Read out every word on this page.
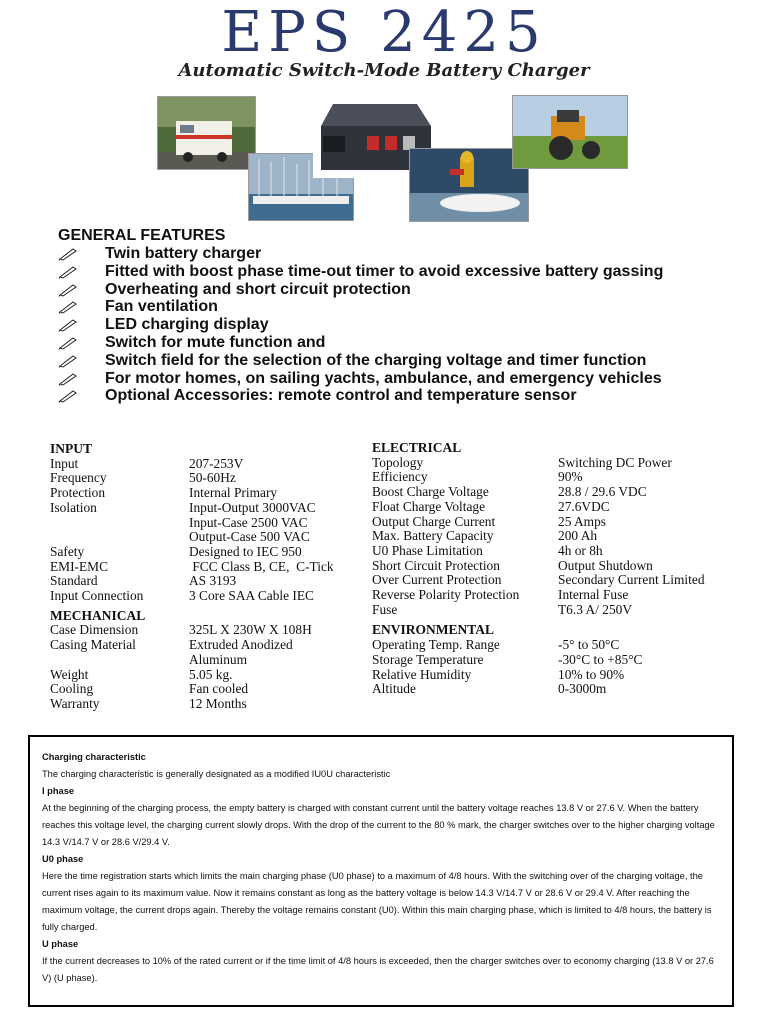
EPS 2425
Automatic Switch-Mode Battery Charger
GENERAL FEATURES
Twin battery charger
Fitted with boost phase time-out timer to avoid excessive battery gassing
Overheating and short circuit protection
Fan ventilation
LED charging display
Switch for mute function and
Switch field for the selection of the charging voltage and timer function
For motor homes, on sailing yachts, ambulance, and emergency vehicles
Optional Accessories: remote control and temperature sensor
INPUT
Input	207-253V
Frequency	50-60Hz
Protection	Internal Primary
Isolation	Input-Output 3000VAC
Input-Case 2500 VAC
Output-Case 500 VAC
Safety	Designed to IEC 950
EMI-EMC	FCC Class B, CE,  C-Tick
Standard	AS 3193
Input Connection	3 Core SAA Cable IEC
MECHANICAL
Case Dimension	325L X 230W X 108H
Casing Material	Extruded Anodized
Aluminum
Weight	5.05 kg.
Cooling	Fan cooled
Warranty	12 Months
ELECTRICAL
Topology	Switching DC Power
Efficiency	90%
Boost Charge Voltage	28.8 / 29.6 VDC
Float Charge Voltage	27.6VDC
Output Charge Current	25 Amps
Max. Battery Capacity	200 Ah
U0 Phase Limitation	4h or 8h
Short Circuit Protection	Output Shutdown
Over Current Protection	Secondary Current Limited
Reverse Polarity Protection	Internal Fuse
Fuse	T6.3 A/ 250V
ENVIRONMENTAL
Operating Temp. Range	-5° to 50°C
Storage Temperature	-30°C to +85°C
Relative Humidity	10% to 90%
Altitude	0-3000m

Charging characteristic

The charging characteristic is generally designated as a modified IU0U characteristic

I phase

At the beginning of the charging process, the empty battery is charged with constant current until the battery voltage reaches 13.8 V or 27.6 V. When the battery reaches this voltage level, the charging current slowly drops. With the drop of the current to the 80 % mark, the charger switches over to the higher charging voltage 14.3 V/14.7 V or 28.6 V/29.4 V.

U0 phase

Here the time registration starts which limits the main charging phase (U0 phase) to a maximum of 4/8 hours. With the switching over of the charging voltage, the current rises again to its maximum value. Now it remains constant as long as the battery voltage is below 14.3 V/14.7 V or 28.6 V or 29.4 V. After reaching the maximum voltage, the current drops again. Thereby the voltage remains constant (U0). Within this main charging phase, which is limited to 4/8 hours, the battery is fully charged.

U phase

If the current decreases to 10% of the rated current or if the time limit of 4/8 hours is exceeded, then the charger switches over to economy charging (13.8 V or 27.6 V) (U phase).
